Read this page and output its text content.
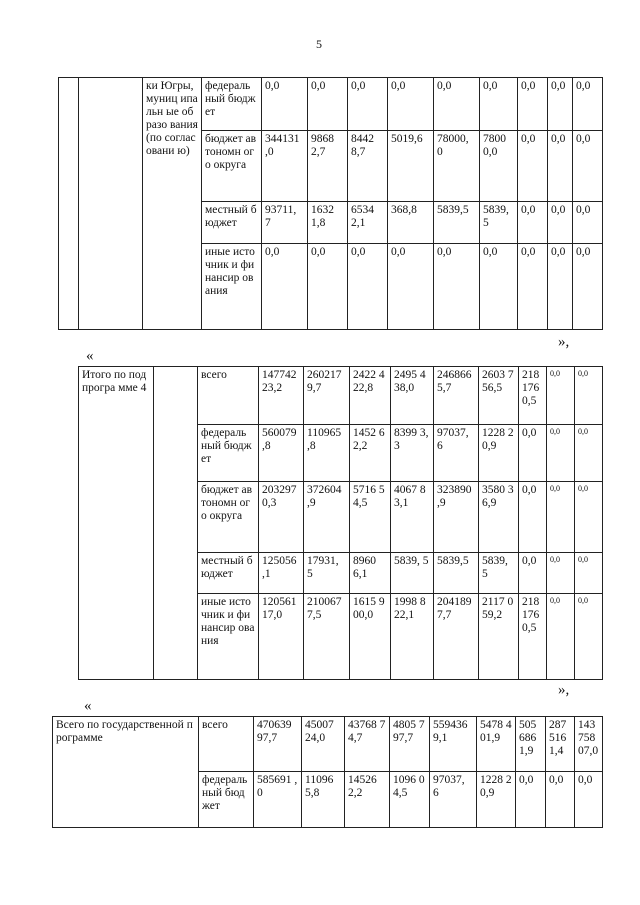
5
		ки Югры, муниц ипальн ые образо вания (по соглас овани ю)	федераль ный бюджет	0,0	0,0	0,0	0,0	0,0	0,0	0,0	0,0	0,0
			бюджет автономн ого округа	344131 ,0	9868 2,7	8442 8,7	5019,6	78000, 0	7800 0,0	0,0	0,0	0,0
			местный бюджет	93711, 7	1632 1,8	6534 2,1	368,8	5839,5	5839, 5	0,0	0,0	0,0
			иные источник и финансир ования	0,0	0,0	0,0	0,0	0,0	0,0	0,0	0,0	0,0
»,
«
Итого по подпрогра мме 4		всего	147742 23,2	260217 9,7	2422 422,8	2495 438,0	246866 5,7	2603 756,5	218 176 0,5	0,0	0,0
		федераль ный бюджет	560079 ,8	110965 ,8	1452 62,2	8399 3,3	97037, 6	1228 20,9	0,0	0,0	0,0
		бюджет автономн ого округа	203297 0,3	372604 ,9	5716 54,5	4067 83,1	323890 ,9	3580 36,9	0,0	0,0	0,0
		местный бюджет	125056 ,1	17931, 5	8960 6,1	5839, 5	5839,5	5839, 5	0,0	0,0	0,0
		иные источник и финансир ования	120561 17,0	210067 7,5	1615 900,0	1998 822,1	204189 7,7	2117 059,2	218 176 0,5	0,0	0,0
»,
«
Всего по государственной программе	всего	470639 97,7	45007 24,0	43768 74,7	4805 797,7	559436 9,1	5478 401,9	505 686 1,9	287 516 1,4	143 758 07,0
	федераль ный бюджет	585691 ,0	11096 5,8	14526 2,2	1096 04,5	97037, 6	1228 20,9	0,0	0,0	0,0
